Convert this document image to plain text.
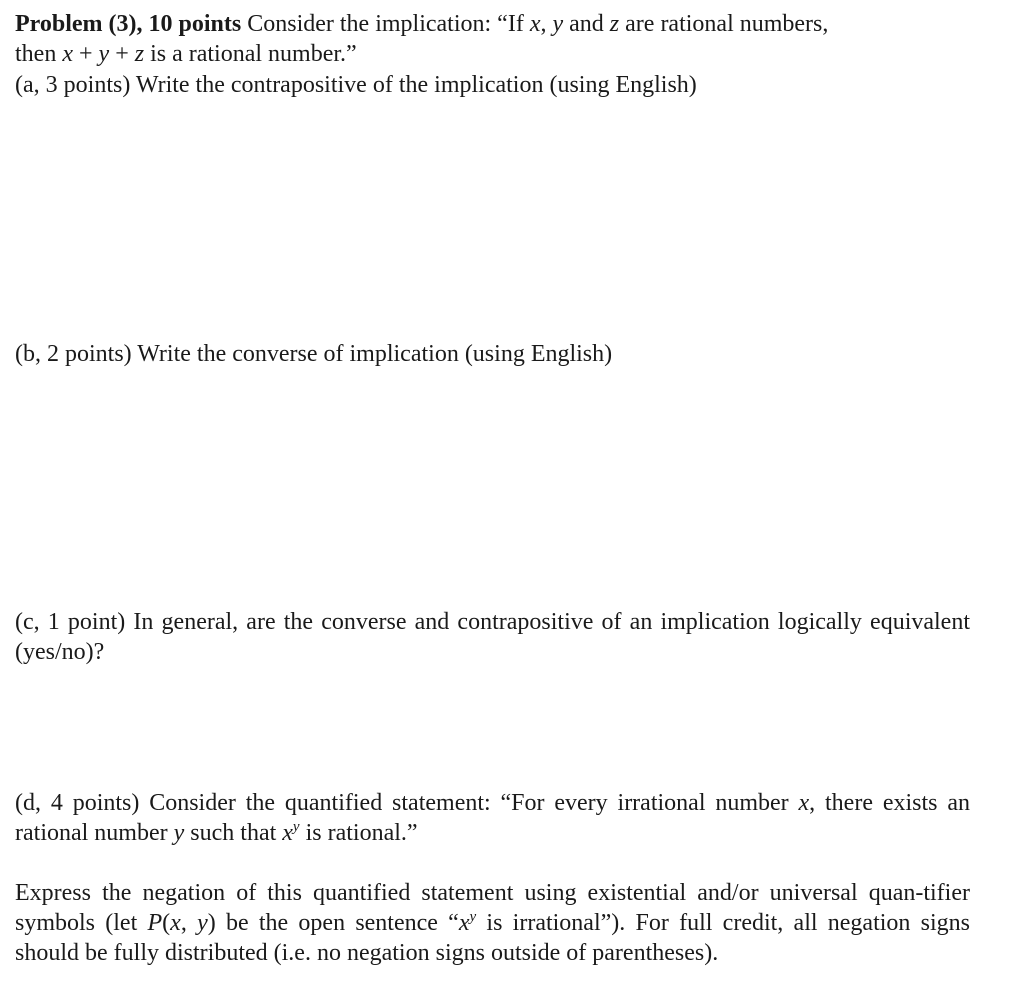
Problem (3), 10 points Consider the implication: “If x, y and z are rational numbers,
then x + y + z is a rational number.”

(a, 3 points) Write the contrapositive of the implication (using English)

(b, 2 points) Write the converse of implication (using English)

(c, 1 point) In general, are the converse and contrapositive of an implication logically equivalent (yes/no)?

(d, 4 points) Consider the quantified statement: “For every irrational number x, there exists an rational number y such that $x^y$ is rational.”

Express the negation of this quantified statement using existential and/or universal quan-tifier symbols (let P(x, y) be the open sentence “$x^y$ is irrational”). For full credit, all negation signs should be fully distributed (i.e. no negation signs outside of parentheses).
